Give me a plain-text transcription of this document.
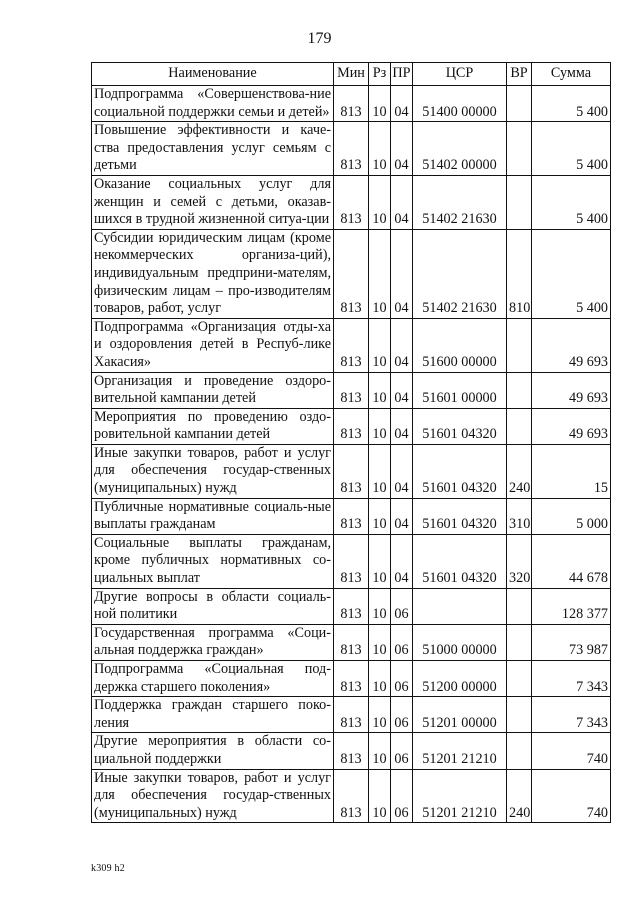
179
Наименование	Мин	Рз	ПР	ЦСР	ВР	Сумма
Подпрограмма «Совершенствова-ние социальной поддержки семьи и детей»	813	10	04	51400 00000		5 400
Повышение эффективности и каче-ства предоставления услуг семьям с детьми	813	10	04	51402 00000		5 400
Оказание социальных услуг для женщин и семей с детьми, оказав-шихся в трудной жизненной ситуа-ции	813	10	04	51402 21630		5 400
Субсидии юридическим лицам (кроме некоммерческих организа-ций), индивидуальным предприни-мателям, физическим лицам – про-изводителям товаров, работ, услуг	813	10	04	51402 21630	810	5 400
Подпрограмма «Организация отды-ха и оздоровления детей в Респуб-лике Хакасия»	813	10	04	51600 00000		49 693
Организация и проведение оздоро-вительной кампании детей	813	10	04	51601 00000		49 693
Мероприятия по проведению оздо-ровительной кампании детей	813	10	04	51601 04320		49 693
Иные закупки товаров, работ и услуг для обеспечения государ-ственных (муниципальных) нужд	813	10	04	51601 04320	240	15
Публичные нормативные социаль-ные выплаты гражданам	813	10	04	51601 04320	310	5 000
Социальные выплаты гражданам, кроме публичных нормативных со-циальных выплат	813	10	04	51601 04320	320	44 678
Другие вопросы в области социаль-ной политики	813	10	06			128 377
Государственная программа «Соци-альная поддержка граждан»	813	10	06	51000 00000		73 987
Подпрограмма «Социальная под-держка старшего поколения»	813	10	06	51200 00000		7 343
Поддержка граждан старшего поко-ления	813	10	06	51201 00000		7 343
Другие мероприятия в области со-циальной поддержки	813	10	06	51201 21210		740
Иные закупки товаров, работ и услуг для обеспечения государ-ственных (муниципальных) нужд	813	10	06	51201 21210	240	740
k309 h2
